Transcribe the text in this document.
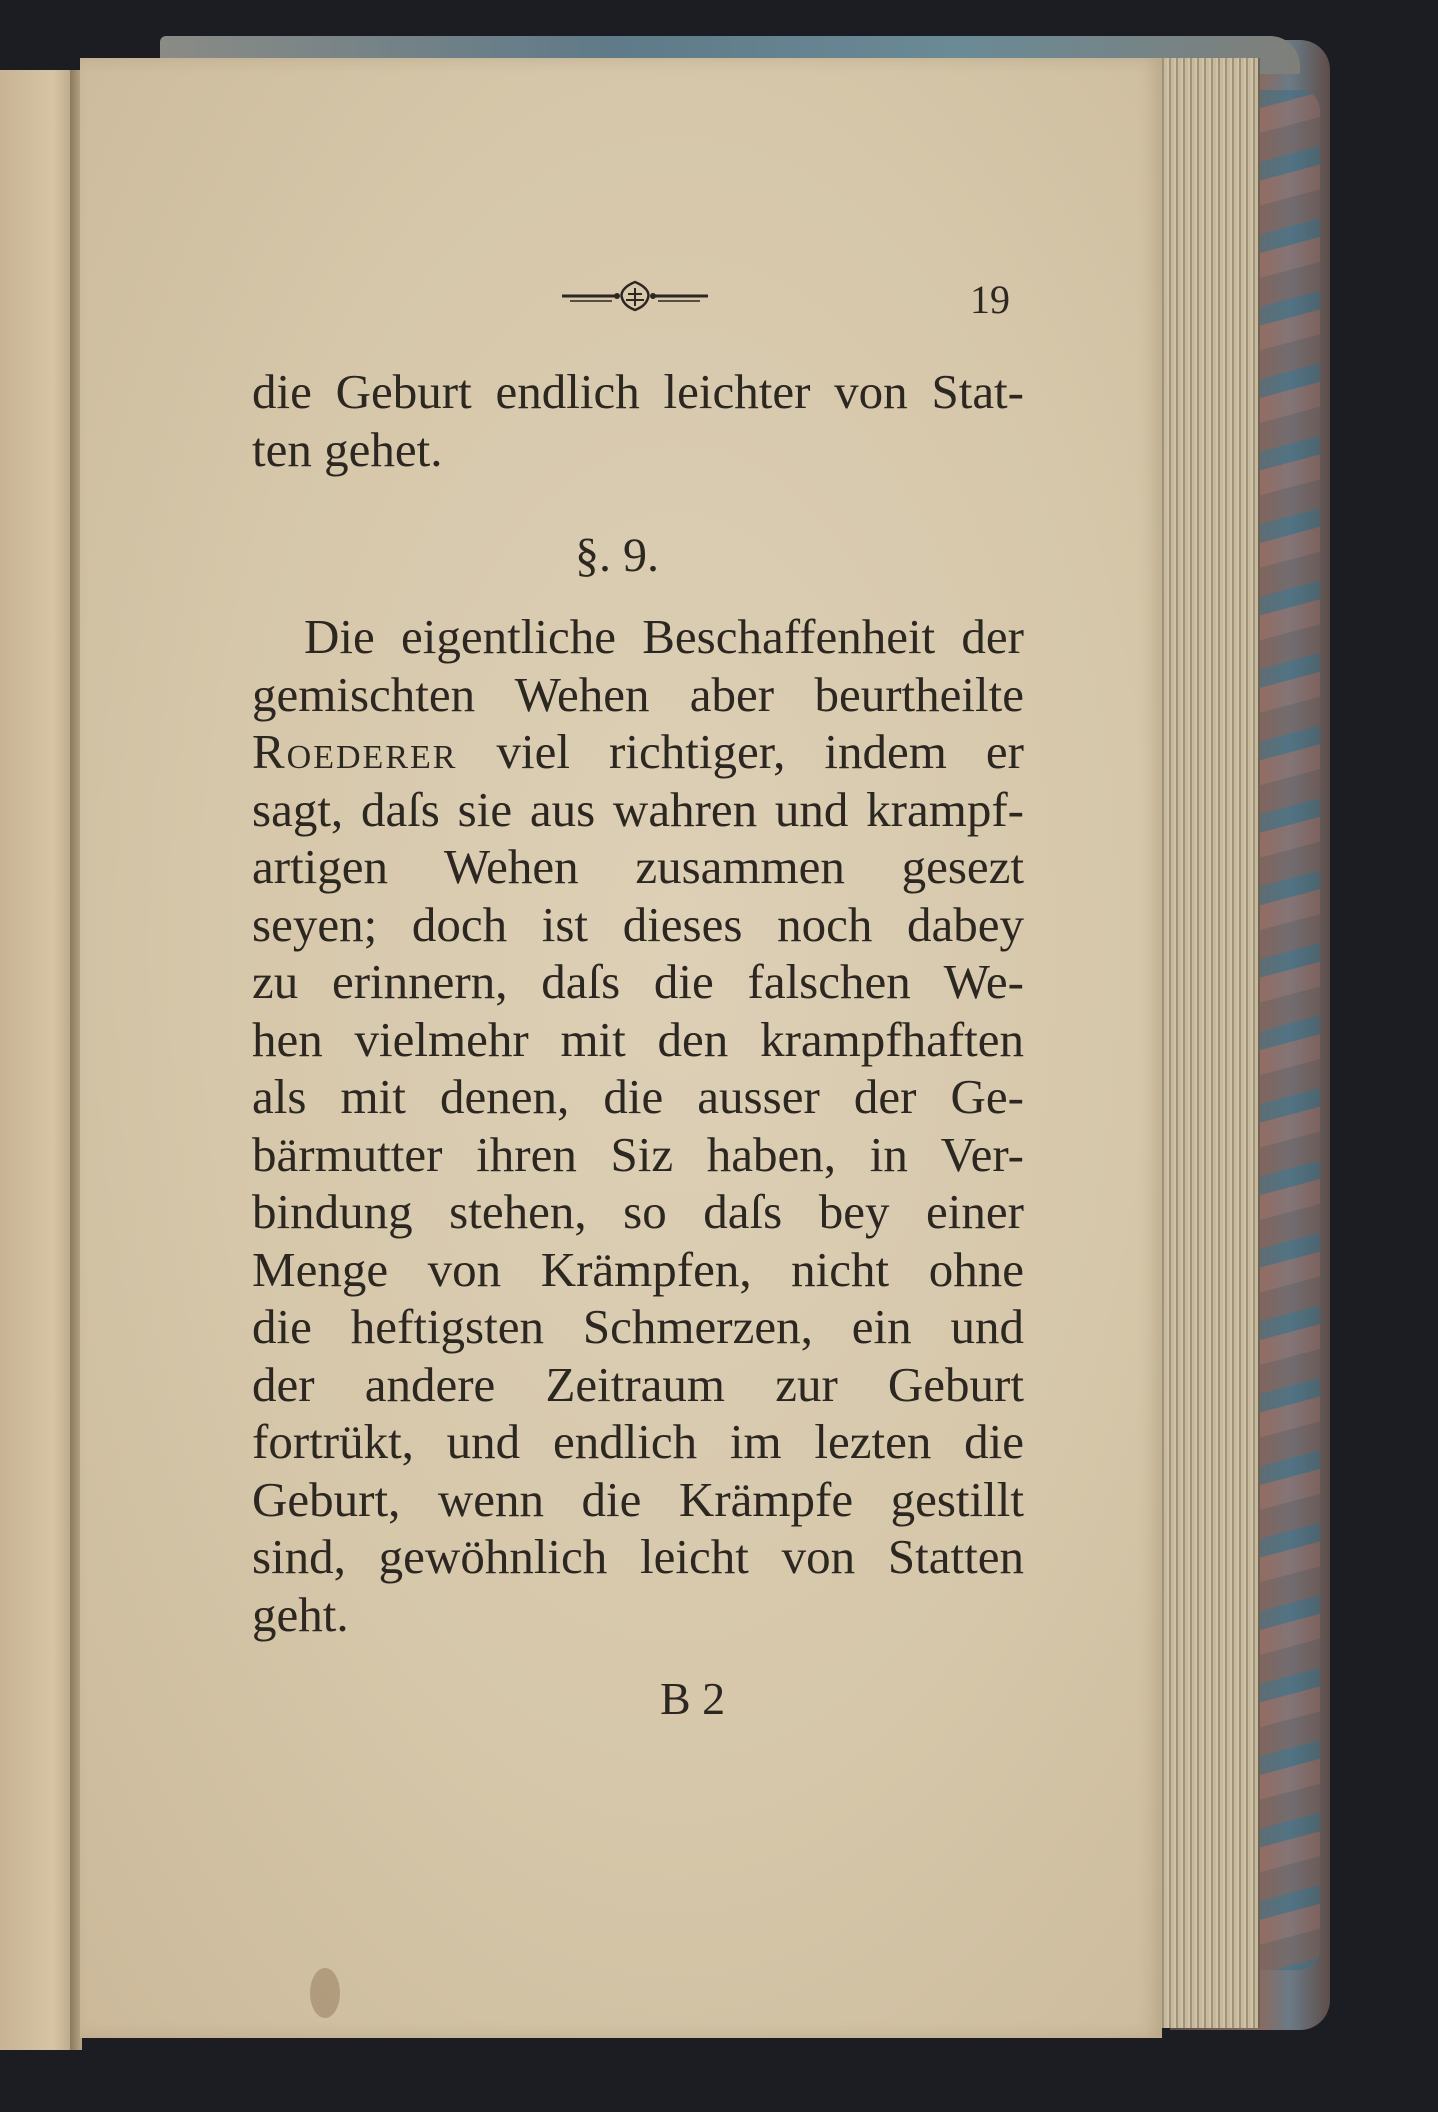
19
die Geburt endlich leichter von Stat-
ten gehet.
§. 9.
Die eigentliche Beschaffenheit der
gemischten Wehen aber beurtheilte
Roederer viel richtiger, indem er
sagt, daſs sie aus wahren und krampf-
artigen Wehen zusammen gesezt
seyen; doch ist dieses noch dabey
zu erinnern, daſs die falschen We-
hen vielmehr mit den krampfhaften
als mit denen, die ausser der Ge-
bärmutter ihren Siz haben, in Ver-
bindung stehen, so daſs bey einer
Menge von Krämpfen, nicht ohne
die heftigsten Schmerzen, ein und
der andere Zeitraum zur Geburt
fortrükt, und endlich im lezten die
Geburt, wenn die Krämpfe gestillt
sind, gewöhnlich leicht von Statten
geht.
B 2
